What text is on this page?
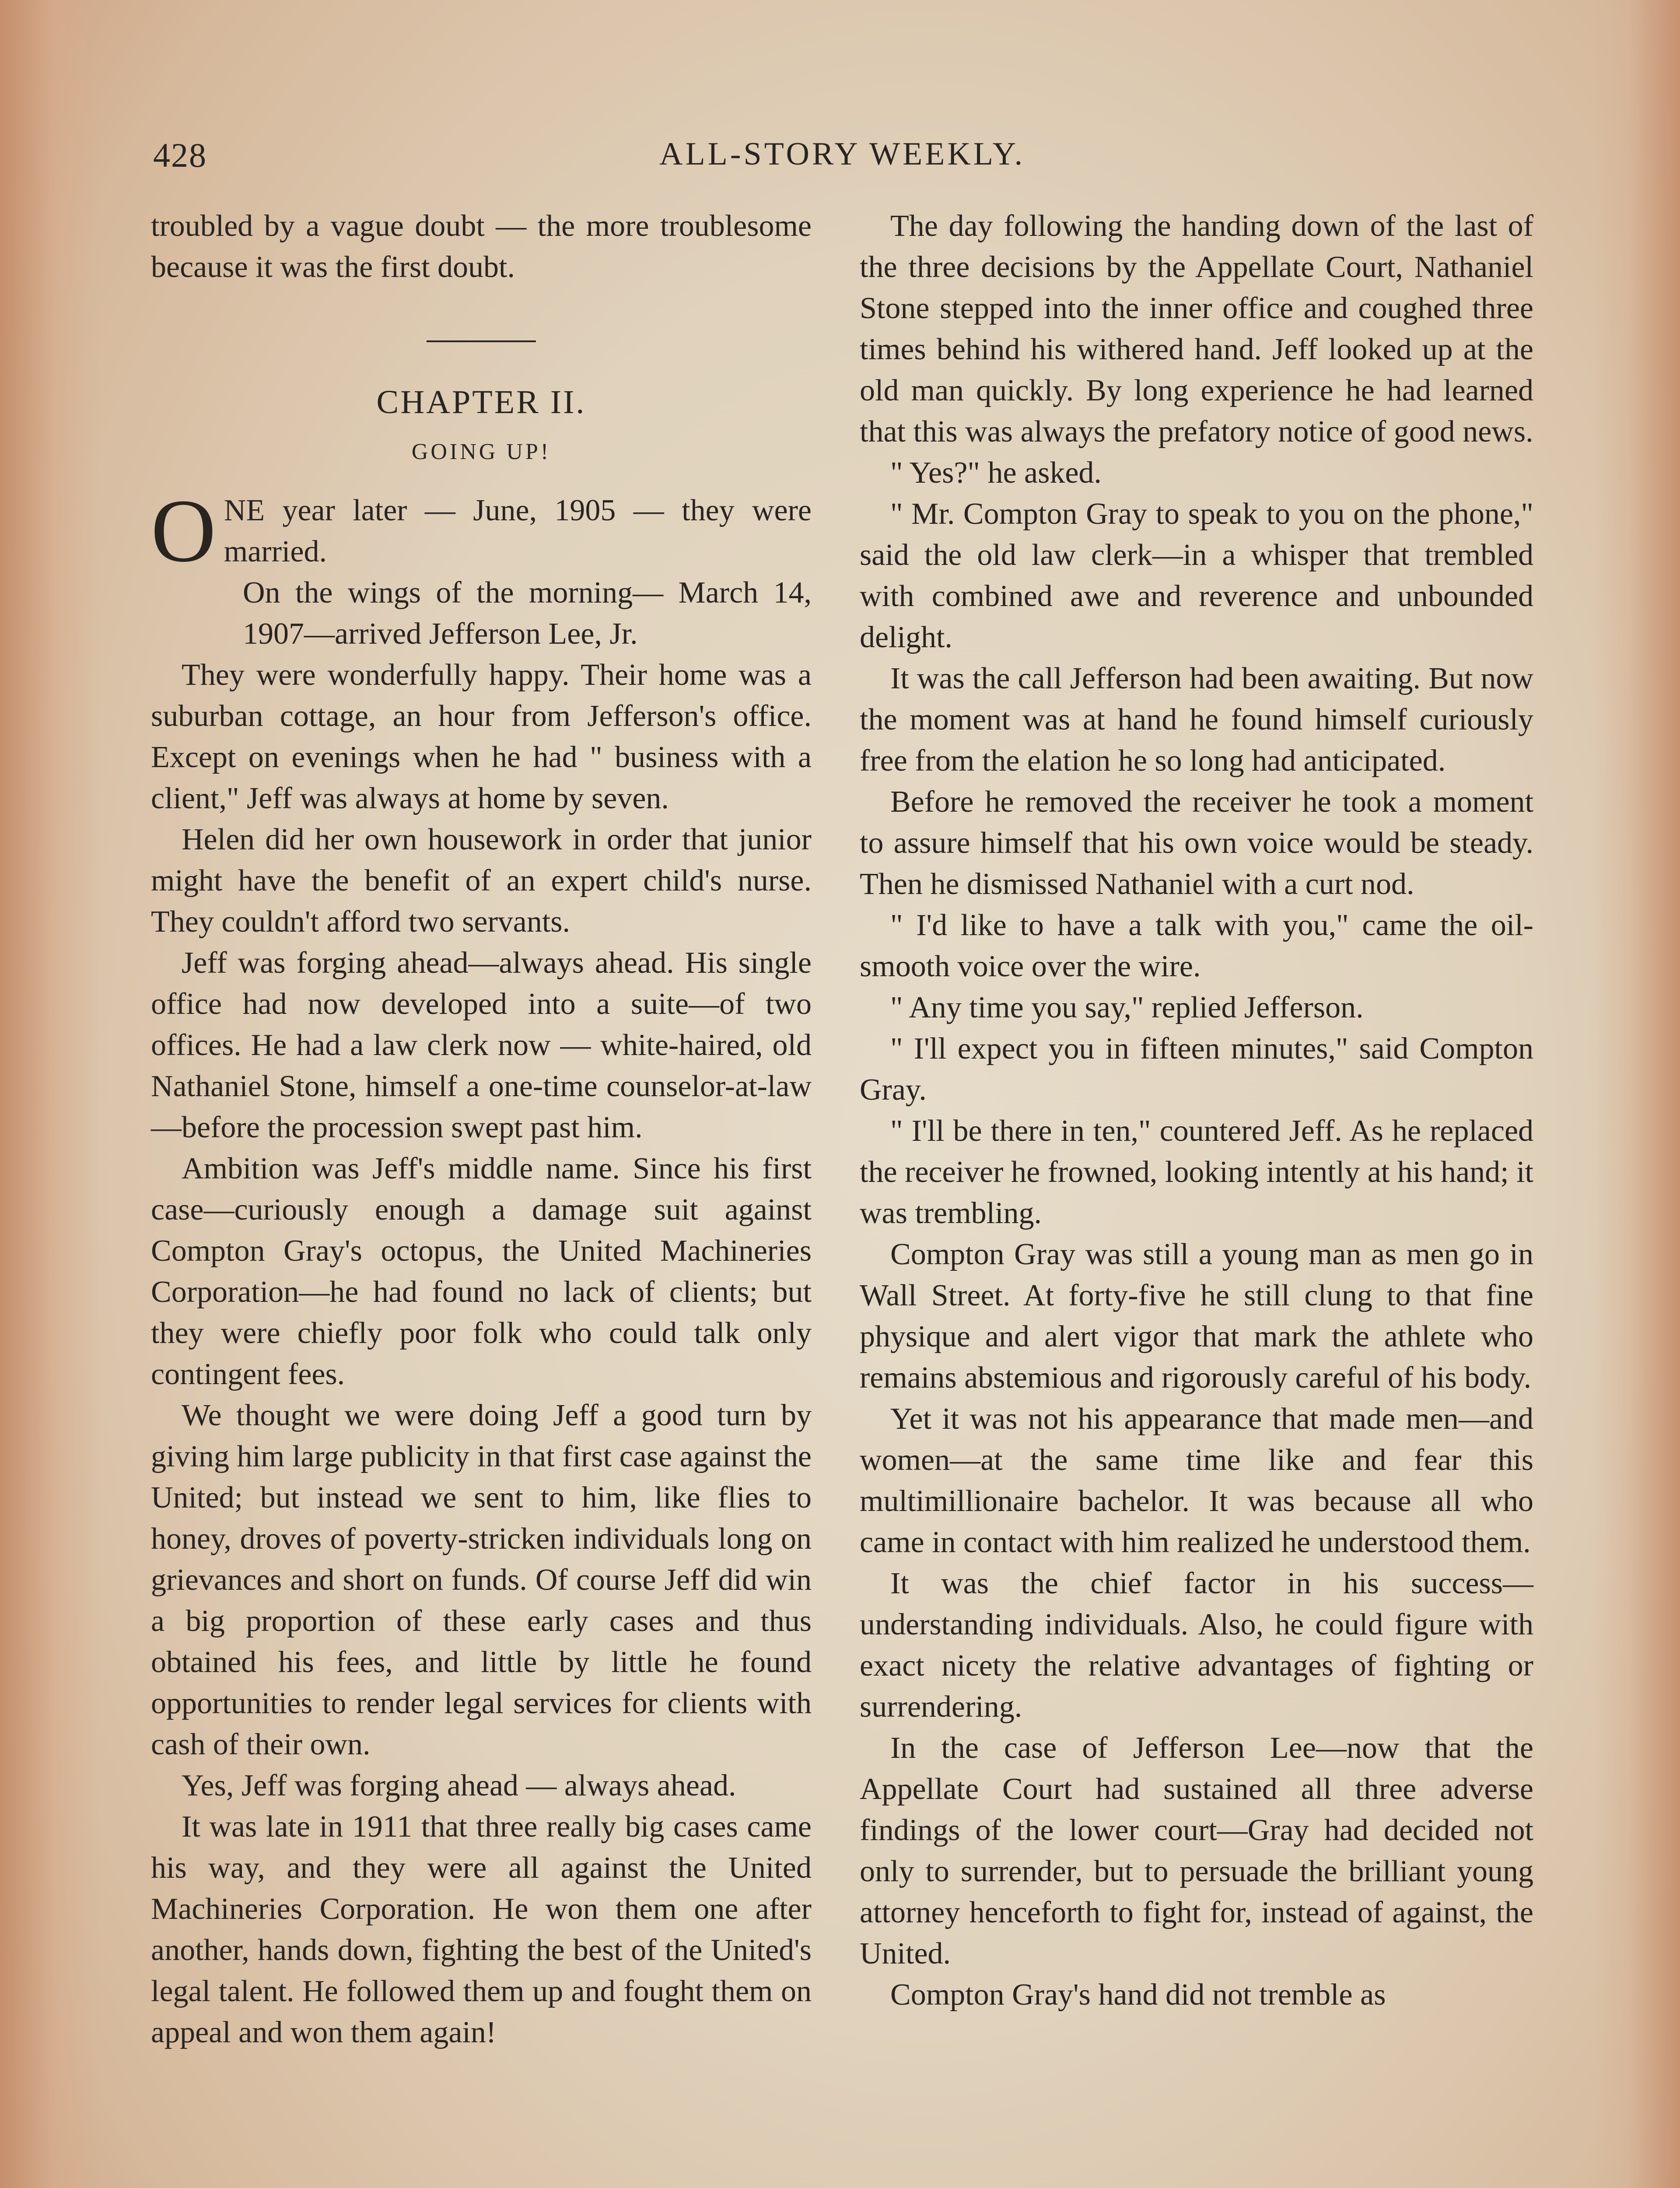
428	ALL-STORY WEEKLY.

troubled by a vague doubt — the more troublesome because it was the first doubt.

CHAPTER II.

GOING UP!

ONE year later — June, 1905 — they were married.

On the wings of the morning— March 14, 1907—arrived Jefferson Lee, Jr.

They were wonderfully happy. Their home was a suburban cottage, an hour from Jefferson's office. Except on evenings when he had " business with a client," Jeff was always at home by seven.

Helen did her own housework in order that junior might have the benefit of an expert child's nurse. They couldn't afford two servants.

Jeff was forging ahead—always ahead. His single office had now developed into a suite—of two offices. He had a law clerk now — white-haired, old Nathaniel Stone, himself a one-time counselor-at-law—before the procession swept past him.

Ambition was Jeff's middle name. Since his first case—curiously enough a damage suit against Compton Gray's octopus, the United Machineries Corporation—he had found no lack of clients; but they were chiefly poor folk who could talk only contingent fees.

We thought we were doing Jeff a good turn by giving him large publicity in that first case against the United; but instead we sent to him, like flies to honey, droves of poverty-stricken individuals long on grievances and short on funds. Of course Jeff did win a big proportion of these early cases and thus obtained his fees, and little by little he found opportunities to render legal services for clients with cash of their own.

Yes, Jeff was forging ahead — always ahead.

It was late in 1911 that three really big cases came his way, and they were all against the United Machineries Corporation. He won them one after another, hands down, fighting the best of the United's legal talent. He followed them up and fought them on appeal and won them again!

The day following the handing down of the last of the three decisions by the Appellate Court, Nathaniel Stone stepped into the inner office and coughed three times behind his withered hand. Jeff looked up at the old man quickly. By long experience he had learned that this was always the prefatory notice of good news.

" Yes?" he asked.

" Mr. Compton Gray to speak to you on the phone," said the old law clerk—in a whisper that trembled with combined awe and reverence and unbounded delight.

It was the call Jefferson had been awaiting. But now the moment was at hand he found himself curiously free from the elation he so long had anticipated.

Before he removed the receiver he took a moment to assure himself that his own voice would be steady. Then he dismissed Nathaniel with a curt nod.

" I'd like to have a talk with you," came the oil-smooth voice over the wire.

" Any time you say," replied Jefferson.

" I'll expect you in fifteen minutes," said Compton Gray.

" I'll be there in ten," countered Jeff. As he replaced the receiver he frowned, looking intently at his hand; it was trembling.

Compton Gray was still a young man as men go in Wall Street. At forty-five he still clung to that fine physique and alert vigor that mark the athlete who remains abstemious and rigorously careful of his body.

Yet it was not his appearance that made men—and women—at the same time like and fear this multimillionaire bachelor. It was because all who came in contact with him realized he understood them.

It was the chief factor in his success—understanding individuals. Also, he could figure with exact nicety the relative advantages of fighting or surrendering.

In the case of Jefferson Lee—now that the Appellate Court had sustained all three adverse findings of the lower court—Gray had decided not only to surrender, but to persuade the brilliant young attorney henceforth to fight for, instead of against, the United.

Compton Gray's hand did not tremble as
